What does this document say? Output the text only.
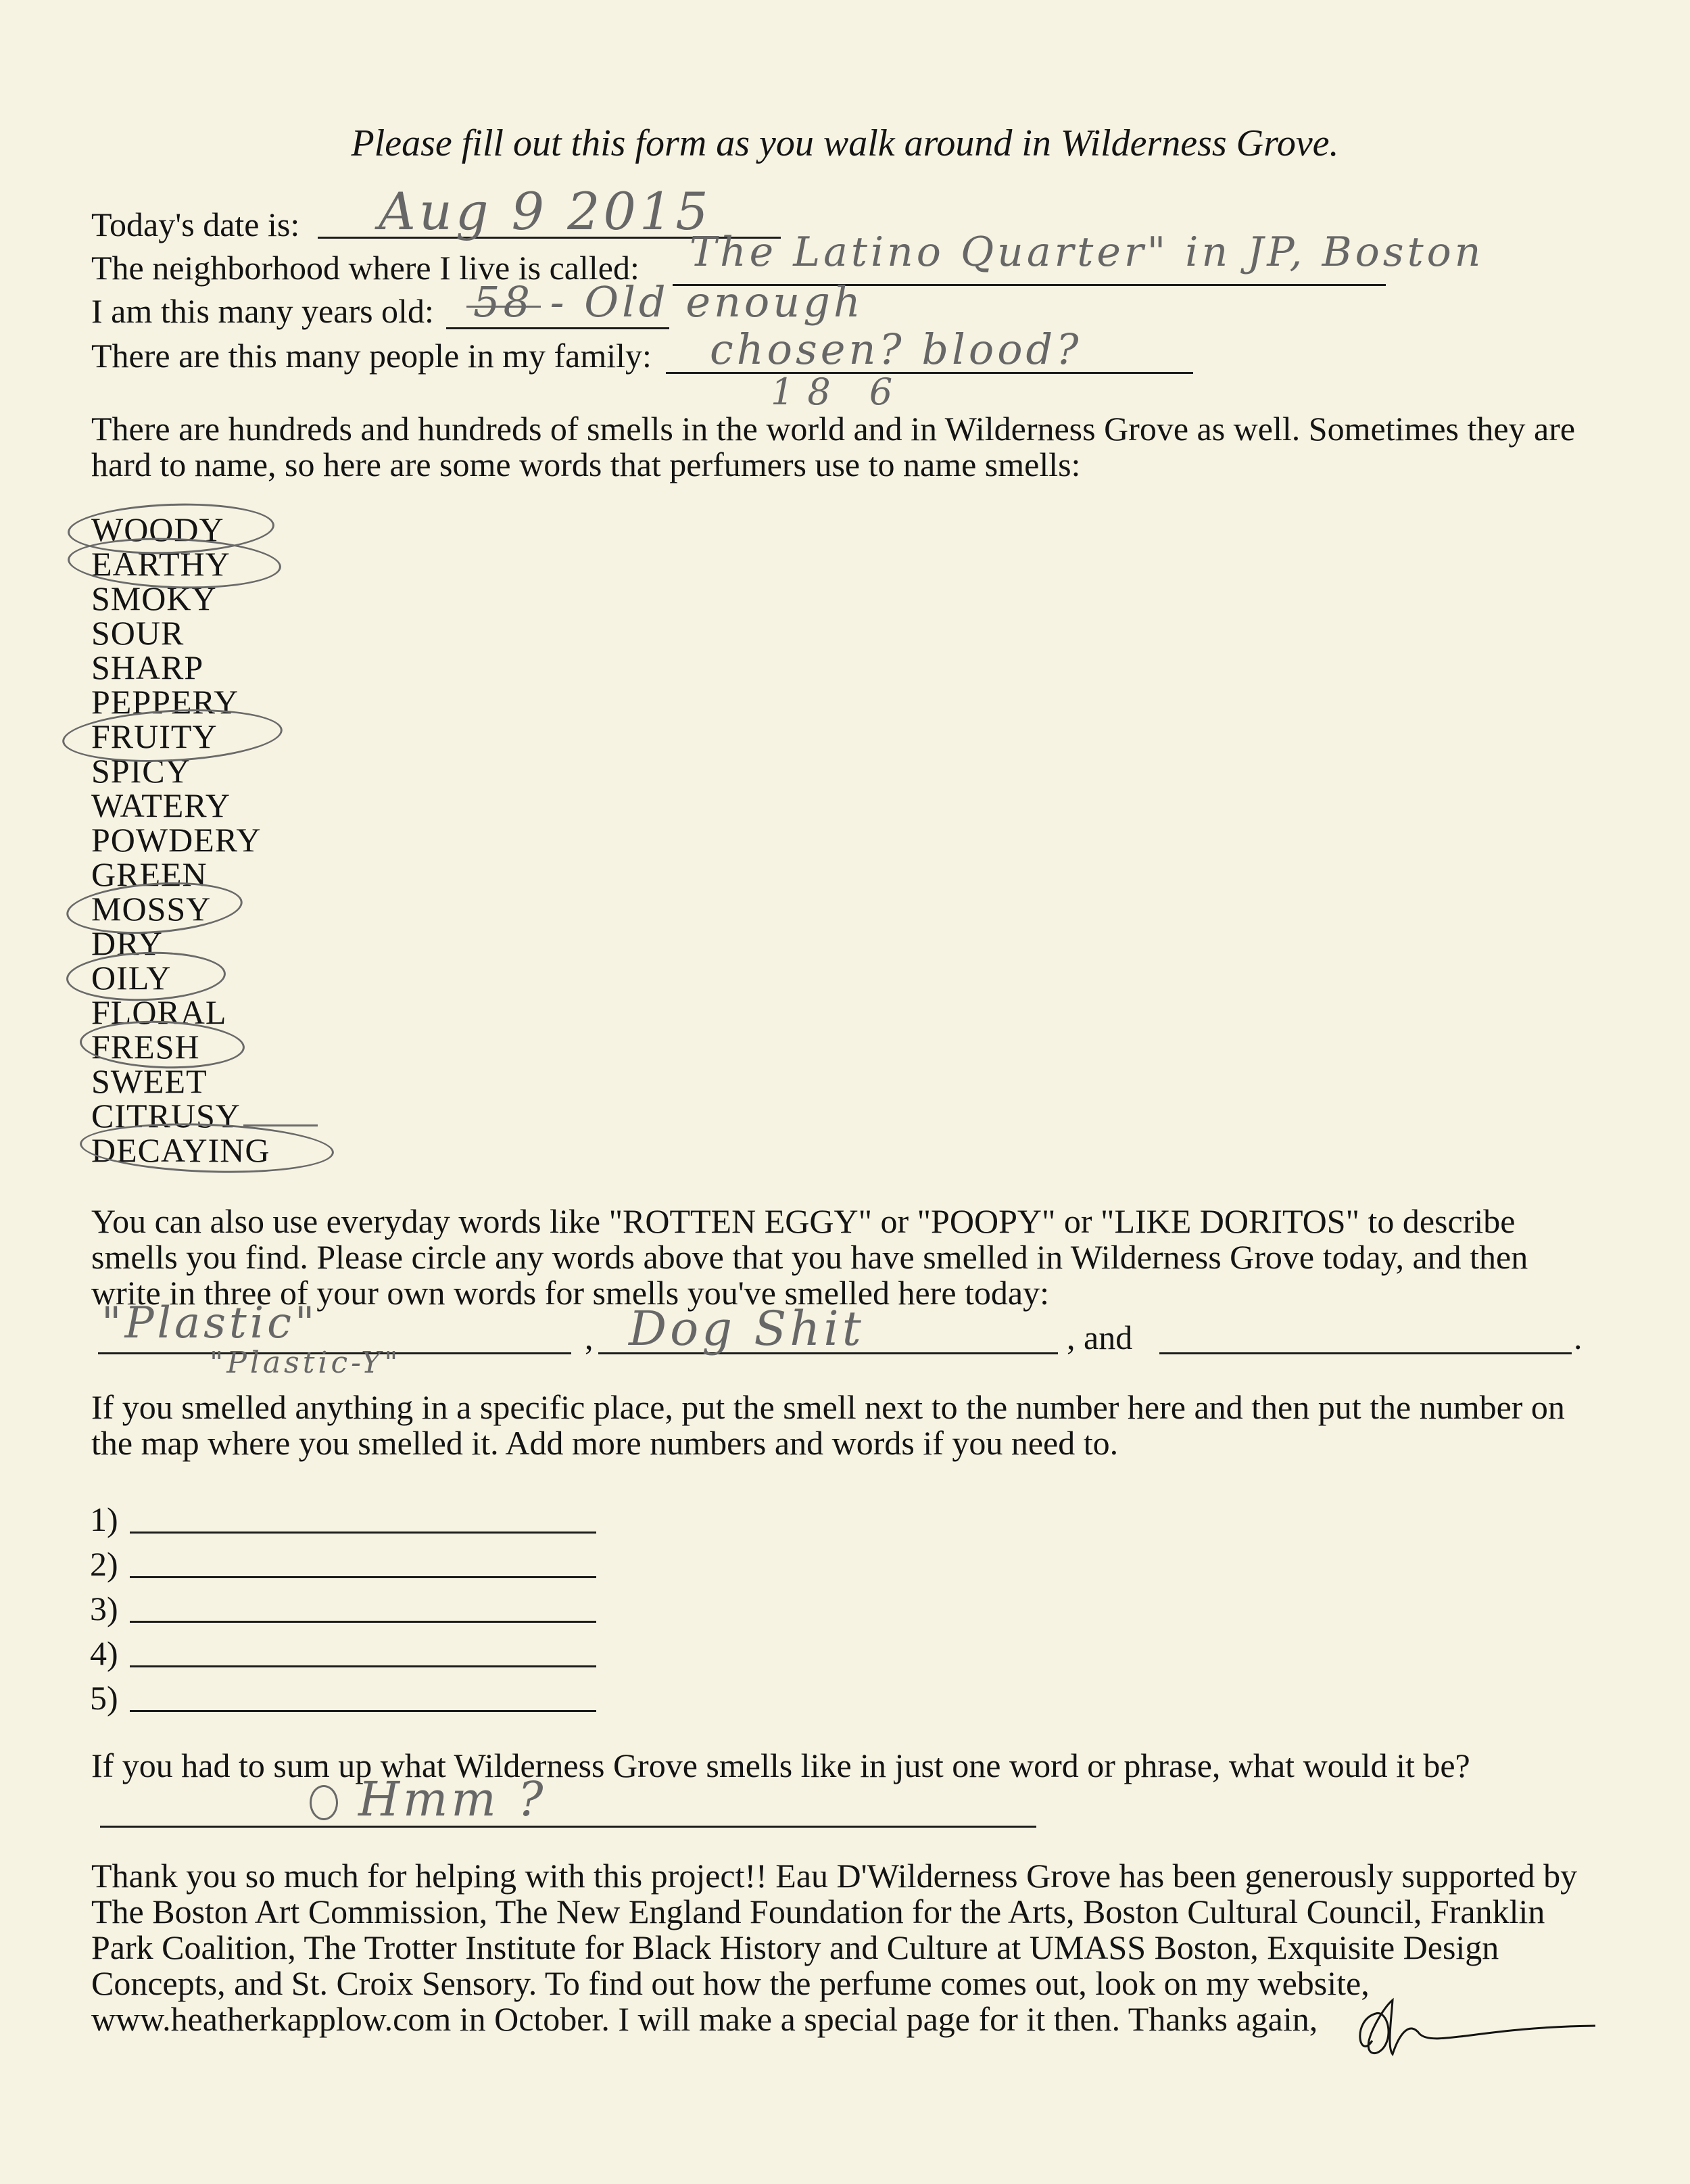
Please fill out this form as you walk around in Wilderness Grove.
Today's date is: Aug 9 2015
The neighborhood where I live is called: The Latino Quarter" in JP, Boston
I am this many years old: 58 - Old enough
There are this many people in my family: chosen? blood?
18 6
There are hundreds and hundreds of smells in the world and in Wilderness Grove as well. Sometimes they are hard to name, so here are some words that perfumers use to name smells:
WOODY
EARTHY
SMOKY
SOUR
SHARP
PEPPERY
FRUITY
SPICY
WATERY
POWDERY
GREEN
MOSSY
DRY
OILY
FLORAL
FRESH
SWEET
CITRUSY
DECAYING
You can also use everyday words like "ROTTEN EGGY" or "POOPY" or "LIKE DORITOS" to describe smells you find. Please circle any words above that you have smelled in Wilderness Grove today, and then write in three of your own words for smells you've smelled here today:
"Plastic"
"Plastic-Y"
, Dog Shit	, and	.
If you smelled anything in a specific place, put the smell next to the number here and then put the number on the map where you smelled it. Add more numbers and words if you need to.
1)
2)
3)
4)
5)
If you had to sum up what Wilderness Grove smells like in just one word or phrase, what would it be?
Hmm ?
Thank you so much for helping with this project!! Eau D'Wilderness Grove has been generously supported by The Boston Art Commission, The New England Foundation for the Arts, Boston Cultural Council, Franklin Park Coalition, The Trotter Institute for Black History and Culture at UMASS Boston, Exquisite Design Concepts, and St. Croix Sensory. To find out how the perfume comes out, look on my website, www.heatherkapplow.com in October. I will make a special page for it then. Thanks again,
